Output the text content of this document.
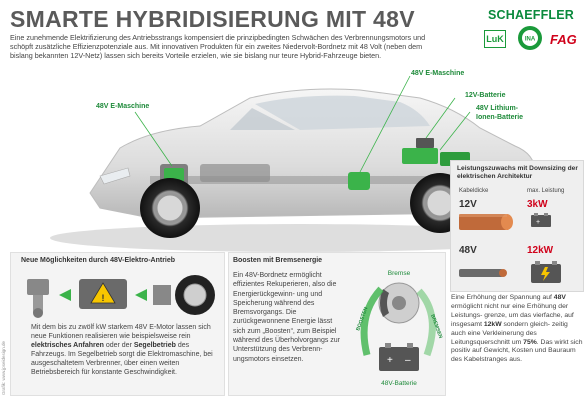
SMARTE HYBRIDISIERUNG MIT 48V
Eine zunehmende Elektrifizierung des Antriebsstrangs kompensiert die prinzipbedingten Schwächen des Verbrennungsmotors und schöpft zusätzliche Effizienzpotenziale aus. Mit innovativen Produkten für ein zweites Niedervolt-Bordnetz mit 48 Volt (neben dem bislang bekannten 12V-Netz) lassen sich bereits Vorteile erzielen, wie sie bislang nur teure Hybrid-Fahrzeuge bieten.
SCHAEFFLER
LuK	INA FAG
48V E-Maschine
48V E-Maschine
12V-Batterie
48V Lithium-
Ionen-Batterie
Leistungszuwachs mit Downsizing der elektrischen Architektur
Kabeldicke	max. Leistung
12V	3kW
+
48V	12kW
Neue Möglichkeiten durch 48V-Elektro-Antrieb
!
Mit dem bis zu zwölf kW starkem 48V E-Motor lassen sich neue Funktionen realisieren wie beispielsweise rein elektrisches Anfahren oder der Segelbetrieb des Fahrzeugs. Im Segelbetrieb sorgt die Elektromaschine, bei ausgeschaltetem Verbrenner, über einen weiten Betriebsbereich für konstante Geschwindigkeit.
Boosten mit Bremsenergie
Ein 48V-Bordnetz ermöglicht effizientes Rekuperieren, also die Energierückgewinn- ung und Speicherung während des Bremsvorgangs. Die zurückgewonnene Energie lässt sich zum „Boosten“, zum Beispiel während des Überholvorgangs zur Unterstützung des Verbrenn- ungsmotors einsetzen.
Bremse
BOOSTEN	BREMSEN
+ –
48V-Batterie
Eine Erhöhung der Spannung auf 48V ermöglicht nicht nur eine Erhöhung der Leistungs- grenze, um das vierfache, auf insgesamt 12kW sondern gleich- zeitig auch eine Verkleinerung des Leitungsquerschnitt um 75%. Das wirkt sich positiv auf Gewicht, Kosten und Bauraum des Kabelstranges aus.
Grafik: www.jpseidesign.de
